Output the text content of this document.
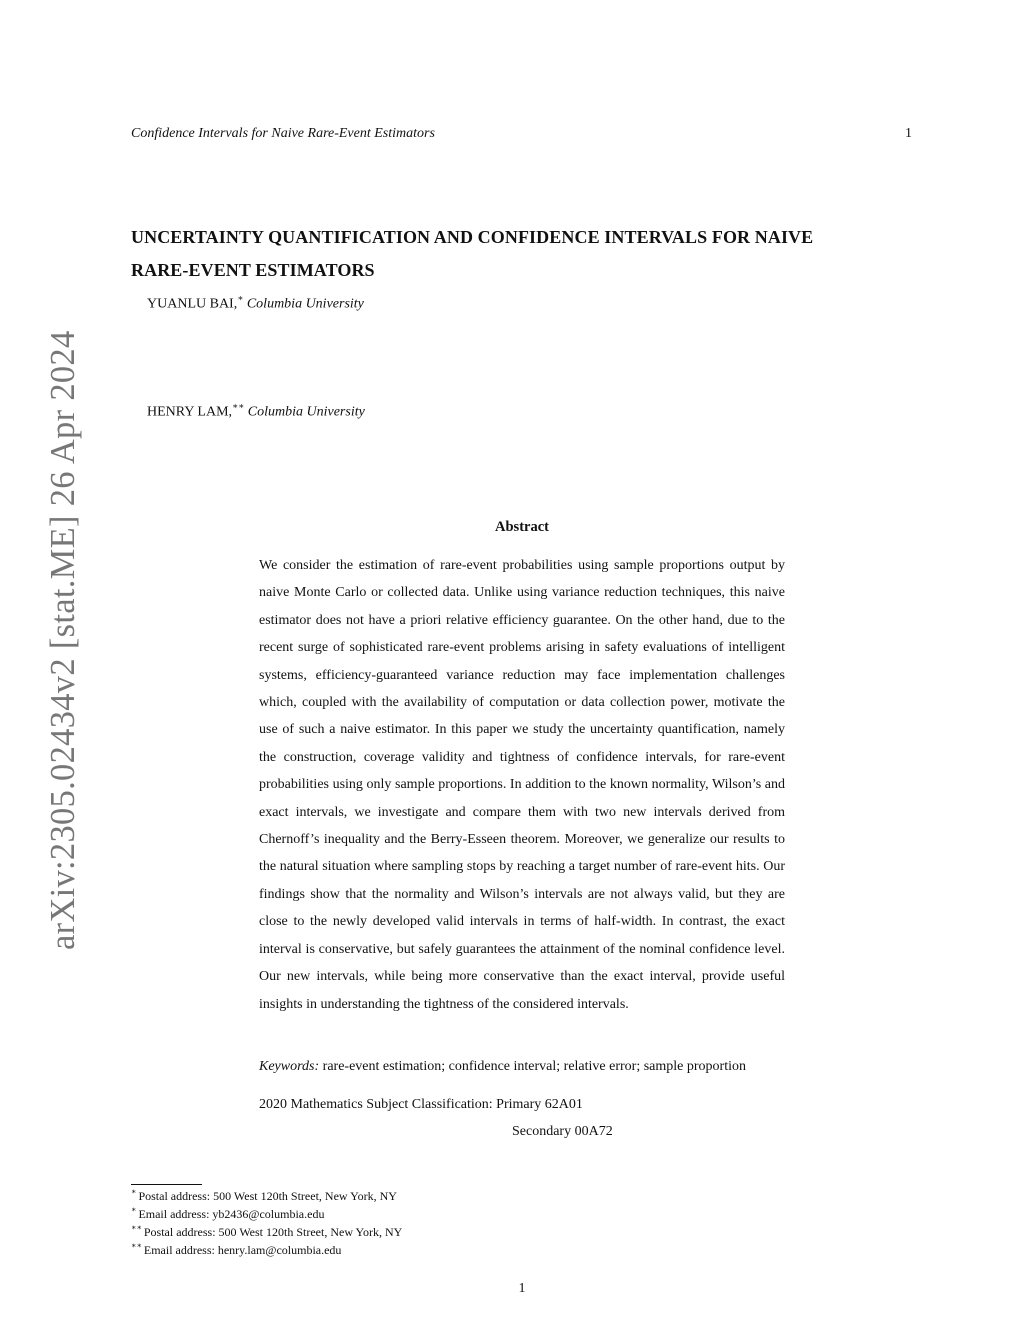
Confidence Intervals for Naive Rare-Event Estimators	1
UNCERTAINTY QUANTIFICATION AND CONFIDENCE INTERVALS FOR NAIVE RARE-EVENT ESTIMATORS
YUANLU BAI,∗ Columbia University
HENRY LAM,∗∗ Columbia University
arXiv:2305.02434v2 [stat.ME] 26 Apr 2024	Abstract
We consider the estimation of rare-event probabilities using sample proportions output by naive Monte Carlo or collected data. Unlike using variance reduction techniques, this naive estimator does not have a priori relative efficiency guarantee. On the other hand, due to the recent surge of sophisticated rare-event problems arising in safety evaluations of intelligent systems, efficiency-guaranteed variance reduction may face implementation challenges which, coupled with the availability of computation or data collection power, motivate the use of such a naive estimator. In this paper we study the uncertainty quantification, namely the construction, coverage validity and tightness of confidence intervals, for rare-event probabilities using only sample proportions. In addition to the known normality, Wilson’s and exact intervals, we investigate and compare them with two new intervals derived from Chernoff’s inequality and the Berry-Esseen theorem. Moreover, we generalize our results to the natural situation where sampling stops by reaching a target number of rare-event hits. Our findings show that the normality and Wilson’s intervals are not always valid, but they are close to the newly developed valid intervals in terms of half-width. In contrast, the exact interval is conservative, but safely guarantees the attainment of the nominal confidence level. Our new intervals, while being more conservative than the exact interval, provide useful insights in understanding the tightness of the considered intervals.
Keywords: rare-event estimation; confidence interval; relative error; sample proportion
2020 Mathematics Subject Classification: Primary 62A01
Secondary 00A72
∗ Postal address: 500 West 120th Street, New York, NY
∗ Email address: yb2436@columbia.edu
∗∗ Postal address: 500 West 120th Street, New York, NY
∗∗ Email address: henry.lam@columbia.edu
1
